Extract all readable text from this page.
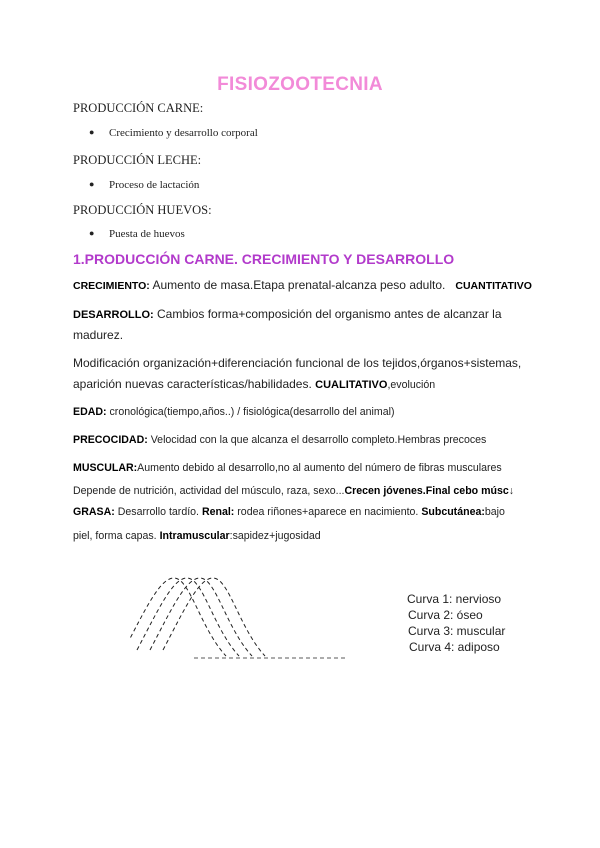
FISIOZOOTECNIA
PRODUCCIÓN CARNE:
● Crecimiento y desarrollo corporal
PRODUCCIÓN LECHE:
● Proceso de lactación
PRODUCCIÓN HUEVOS:
● Puesta de huevos
1.PRODUCCIÓN CARNE. CRECIMIENTO Y DESARROLLO
CRECIMIENTO: Aumento de masa.Etapa prenatal-alcanza peso adulto. CUANTITATIVO
DESARROLLO: Cambios forma+composición del organismo antes de alcanzar la
madurez.
Modificación organización+diferenciación funcional de los tejidos,órganos+sistemas,
aparición nuevas características/habilidades. CUALITATIVO,evolución
EDAD: cronológica(tiempo,años..) / fisiológica(desarrollo del animal)
PRECOCIDAD: Velocidad con la que alcanza el desarrollo completo.Hembras precoces
MUSCULAR:Aumento debido al desarrollo,no al aumento del número de fibras musculares
Depende de nutrición, actividad del músculo, raza, sexo...Crecen jóvenes.Final cebo músc↓
GRASA: Desarrollo tardío. Renal: rodea riñones+aparece en nacimiento. Subcutánea:bajo
piel, forma capas. Intramuscular:sapidez+jugosidad
Curva 1: nervioso
Curva 2: óseo
Curva 3: muscular
Curva 4: adiposo
